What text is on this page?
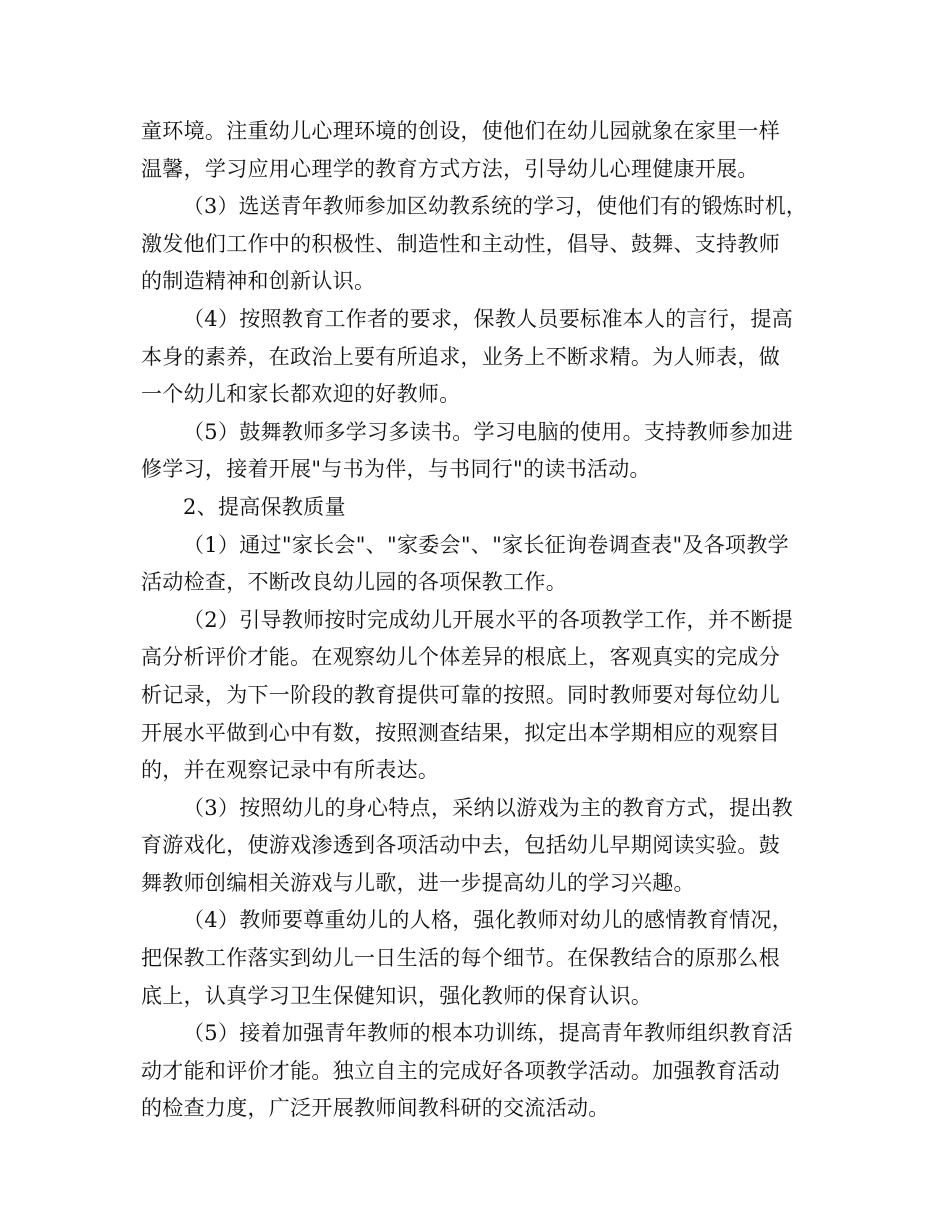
童环境。注重幼儿心理环境的创设，使他们在幼儿园就象在家里一样
温馨，学习应用心理学的教育方式方法，引导幼儿心理健康开展。
（3）选送青年教师参加区幼教系统的学习，使他们有的锻炼时机，
激发他们工作中的积极性、制造性和主动性，倡导、鼓舞、支持教师
的制造精神和创新认识。
（4）按照教育工作者的要求，保教人员要标准本人的言行，提高
本身的素养，在政治上要有所追求，业务上不断求精。为人师表，做
一个幼儿和家长都欢迎的好教师。
（5）鼓舞教师多学习多读书。学习电脑的使用。支持教师参加进
修学习，接着开展"与书为伴，与书同行"的读书活动。
2、提高保教质量
（1）通过"家长会"、"家委会"、"家长征询卷调查表"及各项教学
活动检查，不断改良幼儿园的各项保教工作。
（2）引导教师按时完成幼儿开展水平的各项教学工作，并不断提
高分析评价才能。在观察幼儿个体差异的根底上，客观真实的完成分
析记录，为下一阶段的教育提供可靠的按照。同时教师要对每位幼儿
开展水平做到心中有数，按照测查结果，拟定出本学期相应的观察目
的，并在观察记录中有所表达。
（3）按照幼儿的身心特点，采纳以游戏为主的教育方式，提出教
育游戏化，使游戏渗透到各项活动中去，包括幼儿早期阅读实验。鼓
舞教师创编相关游戏与儿歌，进一步提高幼儿的学习兴趣。
（4）教师要尊重幼儿的人格，强化教师对幼儿的感情教育情况，
把保教工作落实到幼儿一日生活的每个细节。在保教结合的原那么根
底上，认真学习卫生保健知识，强化教师的保育认识。
（5）接着加强青年教师的根本功训练，提高青年教师组织教育活
动才能和评价才能。独立自主的完成好各项教学活动。加强教育活动
的检查力度，广泛开展教师间教科研的交流活动。
